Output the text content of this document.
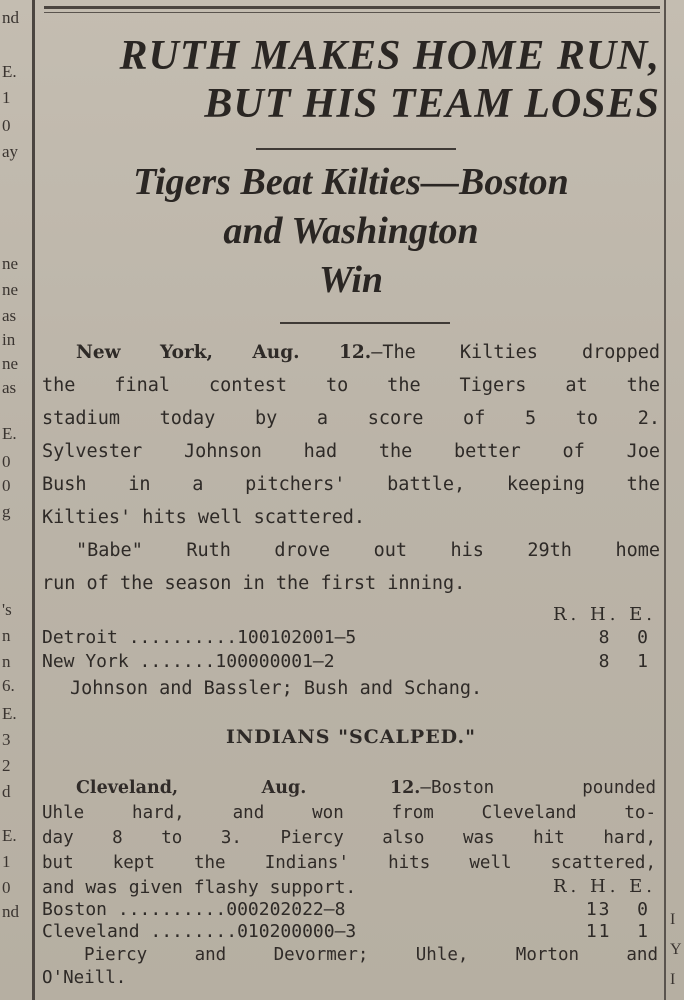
nd
E.
1
0
ay
ne
ne
as
in
ne
as
E.
0
0
g
's
n
n
6.
E.
3
2
d
E.
1
0
nd	I
Y
I
RUTH MAKES HOME RUN,
BUT HIS TEAM LOSES
Tigers Beat Kilties—Boston
and Washington
Win
New York, Aug. 12.—The Kilties dropped
the final contest to the Tigers at the
stadium today by a score of 5 to 2.
Sylvester Johnson had the better of Joe
Bush in a pitchers' battle, keeping the
Kilties' hits well scattered.
"Babe" Ruth drove out his 29th home
run of the season in the first inning.
R. H. E.
Detroit ..........100102001—5	8  0
New York .......100000001—2	8  1
Johnson and Bassler; Bush and Schang.
INDIANS "SCALPED."
Cleveland, Aug. 12.—Boston pounded
Uhle hard, and won from Cleveland to-
day 8 to 3. Piercy also was hit hard,
but kept the Indians' hits well scattered,
and was given flashy support.	R. H. E.
Boston ..........000202022—8	13  0
Cleveland ........010200000—3	11  1
Piercy and Devormer; Uhle, Morton and
O'Neill.
